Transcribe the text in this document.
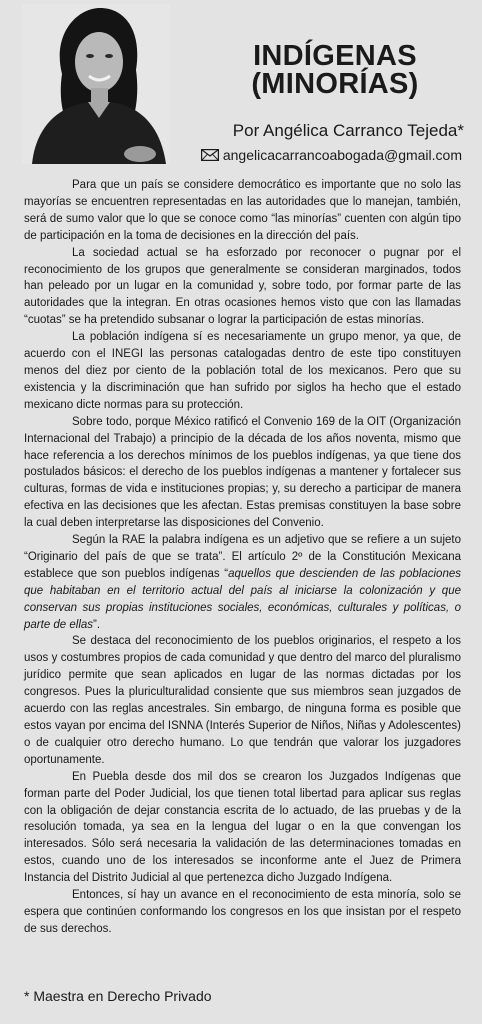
INDÍGENAS
(MINORÍAS)
Por Angélica Carranco Tejeda*
angelicacarrancoabogada@gmail.com

Para que un país se considere democrático es importante que no solo las mayorías se encuentren representadas en las autoridades que lo manejan, también, será de sumo valor que lo que se conoce como “las minorías” cuenten con algún tipo de participación en la toma de decisiones en la dirección del país.

La sociedad actual se ha esforzado por reconocer o pugnar por el reconocimiento de los grupos que generalmente se consideran marginados, todos han peleado por un lugar en la comunidad y, sobre todo, por formar parte de las autoridades que la integran. En otras ocasiones hemos visto que con las llamadas “cuotas” se ha pretendido subsanar o lograr la participación de estas minorías.

La población indígena sí es necesariamente un grupo menor, ya que, de acuerdo con el INEGI las personas catalogadas dentro de este tipo constituyen menos del diez por ciento de la población total de los mexicanos. Pero que su existencia y la discriminación que han sufrido por siglos ha hecho que el estado mexicano dicte normas para su protección.

Sobre todo, porque México ratificó el Convenio 169 de la OIT (Organización Internacional del Trabajo) a principio de la década de los años noventa, mismo que hace referencia a los derechos mínimos de los pueblos indígenas, ya que tiene dos postulados básicos: el derecho de los pueblos indígenas a mantener y fortalecer sus culturas, formas de vida e instituciones propias; y, su derecho a participar de manera efectiva en las decisiones que les afectan. Estas premisas constituyen la base sobre la cual deben interpretarse las disposiciones del Convenio.

Según la RAE la palabra indígena es un adjetivo que se refiere a un sujeto “Originario del país de que se trata”. El artículo 2º de la Constitución Mexicana establece que son pueblos indígenas “aquellos que descienden de las poblaciones que habitaban en el territorio actual del país al iniciarse la colonización y que conservan sus propias instituciones sociales, económicas, culturales y políticas, o parte de ellas”.

Se destaca del reconocimiento de los pueblos originarios, el respeto a los usos y costumbres propios de cada comunidad y que dentro del marco del pluralismo jurídico permite que sean aplicados en lugar de las normas dictadas por los congresos. Pues la pluriculturalidad consiente que sus miembros sean juzgados de acuerdo con las reglas ancestrales. Sin embargo, de ninguna forma es posible que estos vayan por encima del ISNNA (Interés Superior de Niños, Niñas y Adolescentes) o de cualquier otro derecho humano. Lo que tendrán que valorar los juzgadores oportunamente.

En Puebla desde dos mil dos se crearon los Juzgados Indígenas que forman parte del Poder Judicial, los que tienen total libertad para aplicar sus reglas con la obligación de dejar constancia escrita de lo actuado, de las pruebas y de la resolución tomada, ya sea en la lengua del lugar o en la que convengan los interesados. Sólo será necesaria la validación de las determinaciones tomadas en estos, cuando uno de los interesados se inconforme ante el Juez de Primera Instancia del Distrito Judicial al que pertenezca dicho Juzgado Indígena.

Entonces, sí hay un avance en el reconocimiento de esta minoría, solo se espera que continúen conformando los congresos en los que insistan por el respeto de sus derechos.

* Maestra en Derecho Privado
